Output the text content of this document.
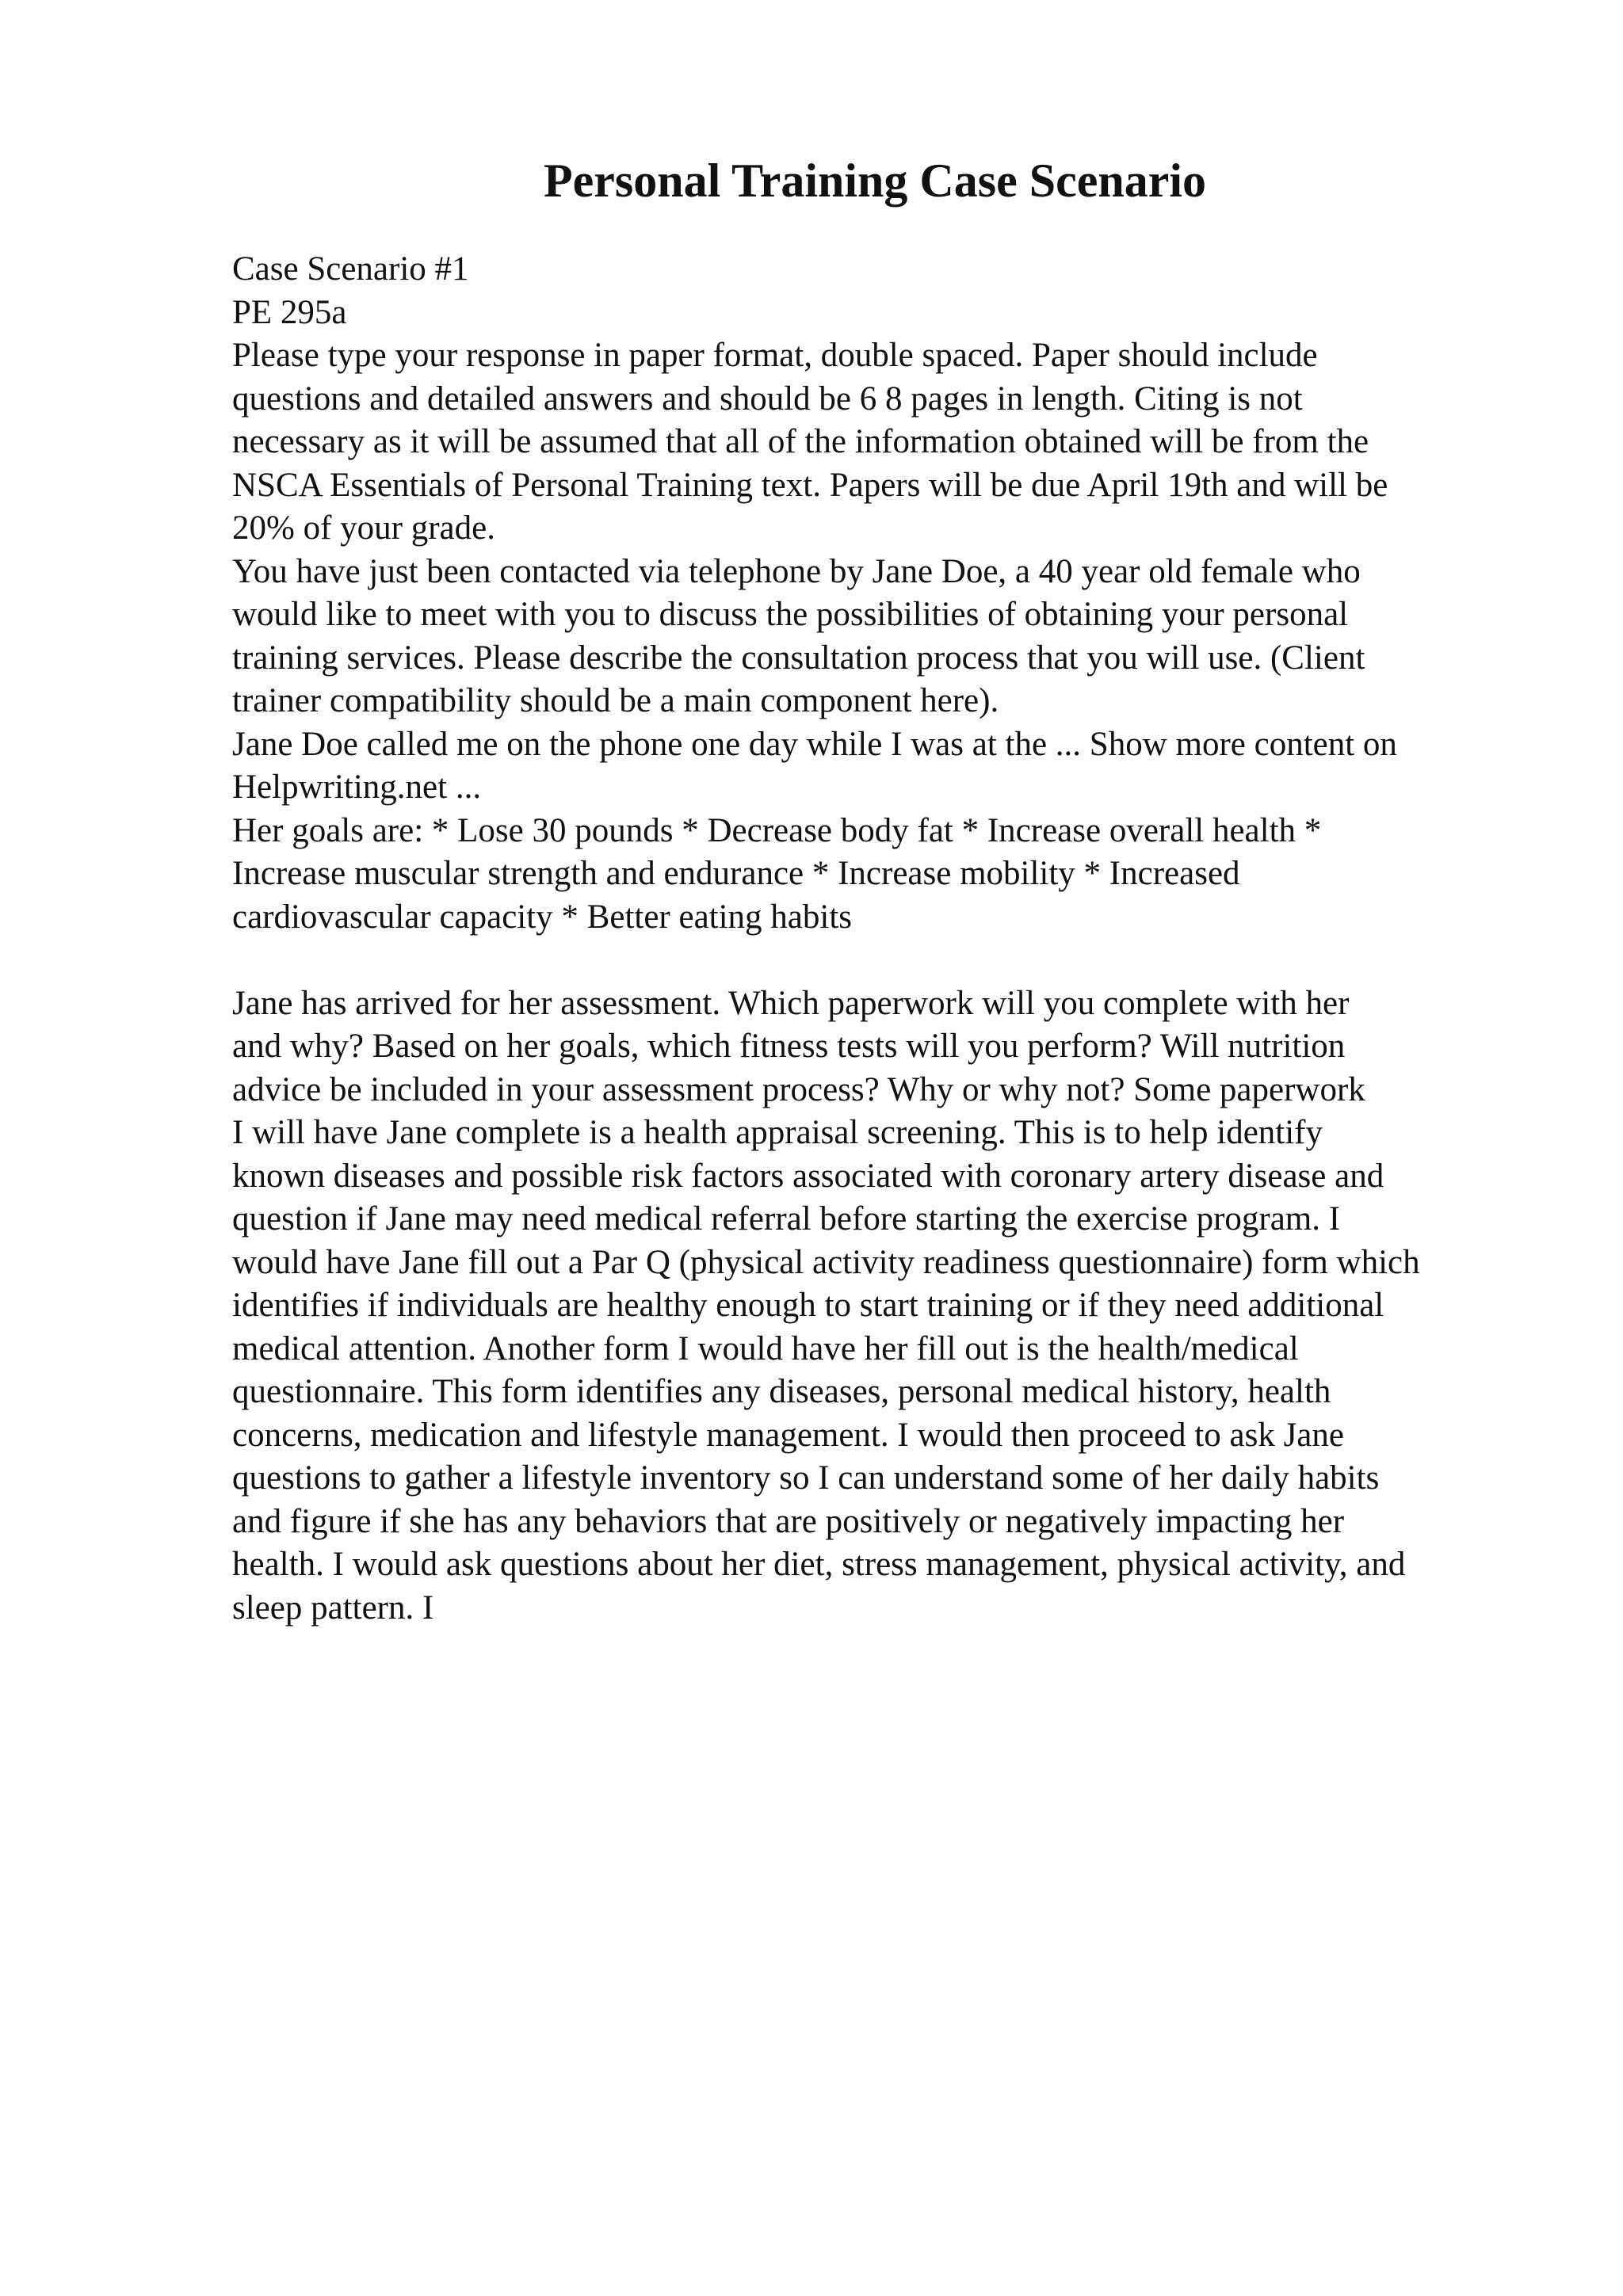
Personal Training Case Scenario
Case Scenario #1
PE 295a
Please type your response in paper format, double spaced. Paper should include
questions and detailed answers and should be 6 8 pages in length. Citing is not
necessary as it will be assumed that all of the information obtained will be from the
NSCA Essentials of Personal Training text. Papers will be due April 19th and will be
20% of your grade.
You have just been contacted via telephone by Jane Doe, a 40 year old female who
would like to meet with you to discuss the possibilities of obtaining your personal
training services. Please describe the consultation process that you will use. (Client
trainer compatibility should be a main component here).
Jane Doe called me on the phone one day while I was at the ... Show more content on
Helpwriting.net ...
Her goals are: * Lose 30 pounds * Decrease body fat * Increase overall health *
Increase muscular strength and endurance * Increase mobility * Increased
cardiovascular capacity * Better eating habits
Jane has arrived for her assessment. Which paperwork will you complete with her
and why? Based on her goals, which fitness tests will you perform? Will nutrition
advice be included in your assessment process? Why or why not? Some paperwork
I will have Jane complete is a health appraisal screening. This is to help identify
known diseases and possible risk factors associated with coronary artery disease and
question if Jane may need medical referral before starting the exercise program. I
would have Jane fill out a Par Q (physical activity readiness questionnaire) form which
identifies if individuals are healthy enough to start training or if they need additional
medical attention. Another form I would have her fill out is the health/medical
questionnaire. This form identifies any diseases, personal medical history, health
concerns, medication and lifestyle management. I would then proceed to ask Jane
questions to gather a lifestyle inventory so I can understand some of her daily habits
and figure if she has any behaviors that are positively or negatively impacting her
health. I would ask questions about her diet, stress management, physical activity, and
sleep pattern. I
